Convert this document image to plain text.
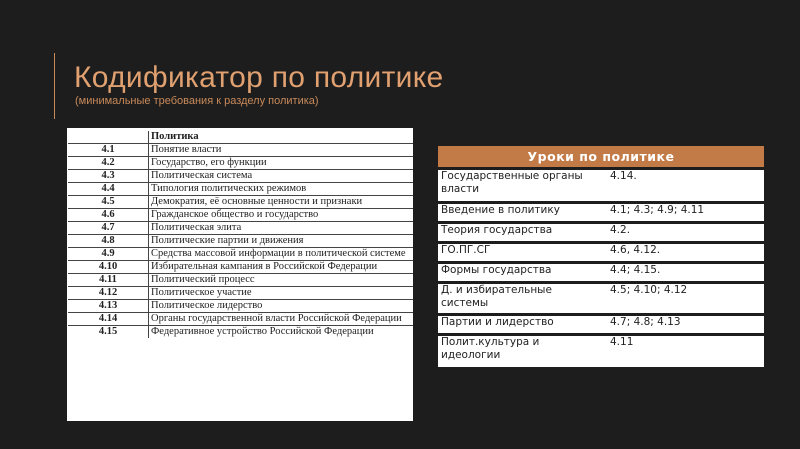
Кодификатор по политике
(минимальные требования к разделу политика)
	Политика
4.1	Понятие власти
4.2	Государство, его функции
4.3	Политическая система
4.4	Типология политических режимов
4.5	Демократия, её основные ценности и признаки
4.6	Гражданское общество и государство
4.7	Политическая элита
4.8	Политические партии и движения
4.9	Средства массовой информации в политической системе
4.10	Избирательная кампания в Российской Федерации
4.11	Политический процесс
4.12	Политическое участие
4.13	Политическое лидерство
4.14	Органы государственной власти Российской Федерации
4.15	Федеративное устройство Российской Федерации
Уроки по политике	
Государственные органы власти	4.14.
Введение в политику	4.1; 4.3; 4.9; 4.11
Теория государства	4.2.
ГО.ПГ.СГ	4.6, 4.12.
Формы государства	4.4; 4.15.
Д. и избирательные системы	4.5; 4.10; 4.12
Партии и лидерство	4.7; 4.8; 4.13
Полит.культура и идеологии	4.11
